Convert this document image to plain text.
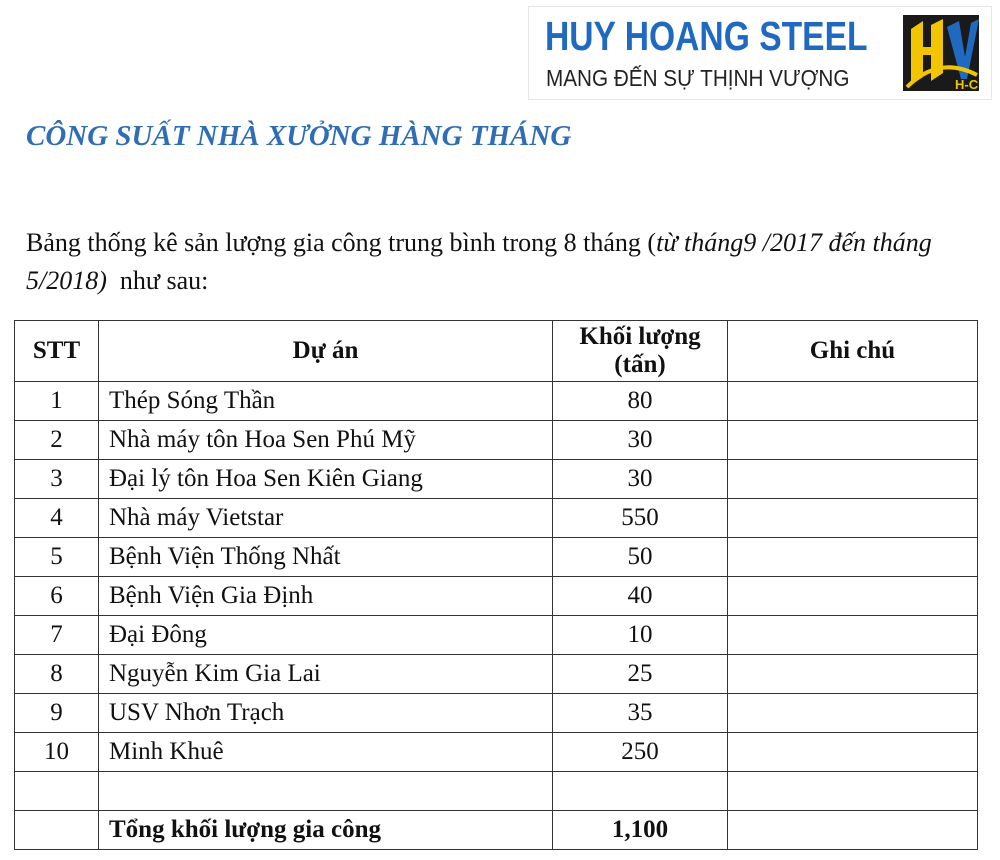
HUY HOANG STEEL
MANG ĐẾN SỰ THỊNH VƯỢNG	H-C
CÔNG SUẤT NHÀ XƯỞNG HÀNG THÁNG
Bảng thống kê sản lượng gia công trung bình trong 8 tháng (từ tháng9 /2017 đến tháng 5/2018)  như sau:
STT	Dự án	Khối lượng (tấn)	Ghi chú
1	Thép Sóng Thần	80	
2	Nhà máy tôn Hoa Sen Phú Mỹ	30	
3	Đại lý tôn Hoa Sen Kiên Giang	30	
4	Nhà máy Vietstar	550	
5	Bệnh Viện Thống Nhất	50	
6	Bệnh Viện Gia Định	40	
7	Đại Đông	10	
8	Nguyễn Kim Gia Lai	25	
9	USV Nhơn Trạch	35	
10	Minh Khuê	250	

	Tổng khối lượng gia công	1,100	
